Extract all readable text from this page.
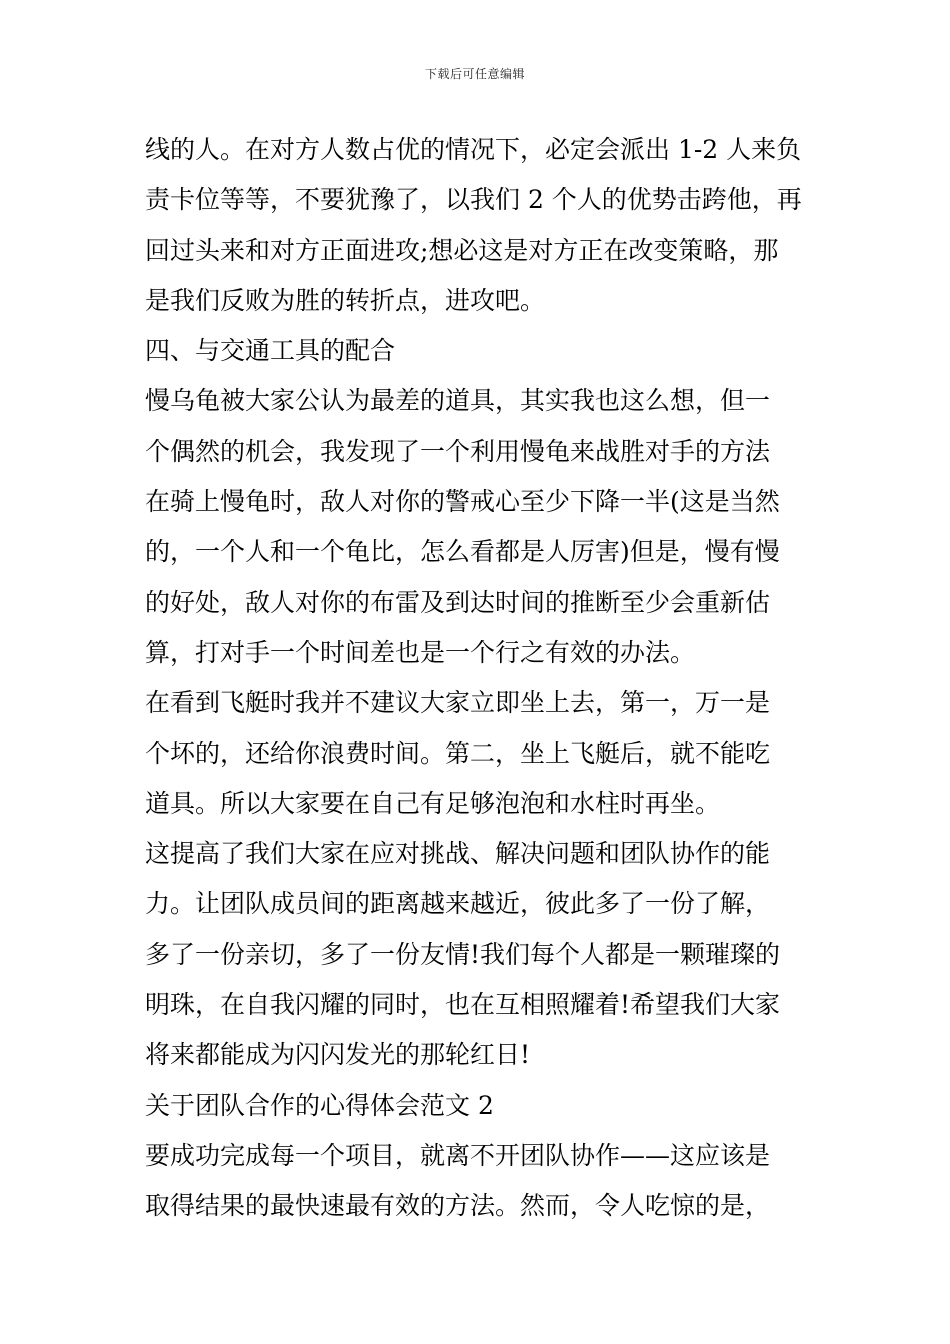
下载后可任意编辑
线的人。在对方人数占优的情况下，必定会派出 1-2 人来负
责卡位等等，不要犹豫了，以我们 2 个人的优势击跨他，再
回过头来和对方正面进攻;想必这是对方正在改变策略，那
是我们反败为胜的转折点，进攻吧。
四、与交通工具的配合
慢乌龟被大家公认为最差的道具，其实我也这么想，但一
个偶然的机会，我发现了一个利用慢龟来战胜对手的方法
在骑上慢龟时，敌人对你的警戒心至少下降一半(这是当然
的，一个人和一个龟比，怎么看都是人厉害)但是，慢有慢
的好处，敌人对你的布雷及到达时间的推断至少会重新估
算，打对手一个时间差也是一个行之有效的办法。
在看到飞艇时我并不建议大家立即坐上去，第一，万一是
个坏的，还给你浪费时间。第二，坐上飞艇后，就不能吃
道具。所以大家要在自己有足够泡泡和水柱时再坐。
这提高了我们大家在应对挑战、解决问题和团队协作的能
力。让团队成员间的距离越来越近，彼此多了一份了解，
多了一份亲切，多了一份友情!我们每个人都是一颗璀璨的
明珠，在自我闪耀的同时，也在互相照耀着!希望我们大家
将来都能成为闪闪发光的那轮红日!
关于团队合作的心得体会范文 2
要成功完成每一个项目，就离不开团队协作——这应该是
取得结果的最快速最有效的方法。然而，令人吃惊的是，
